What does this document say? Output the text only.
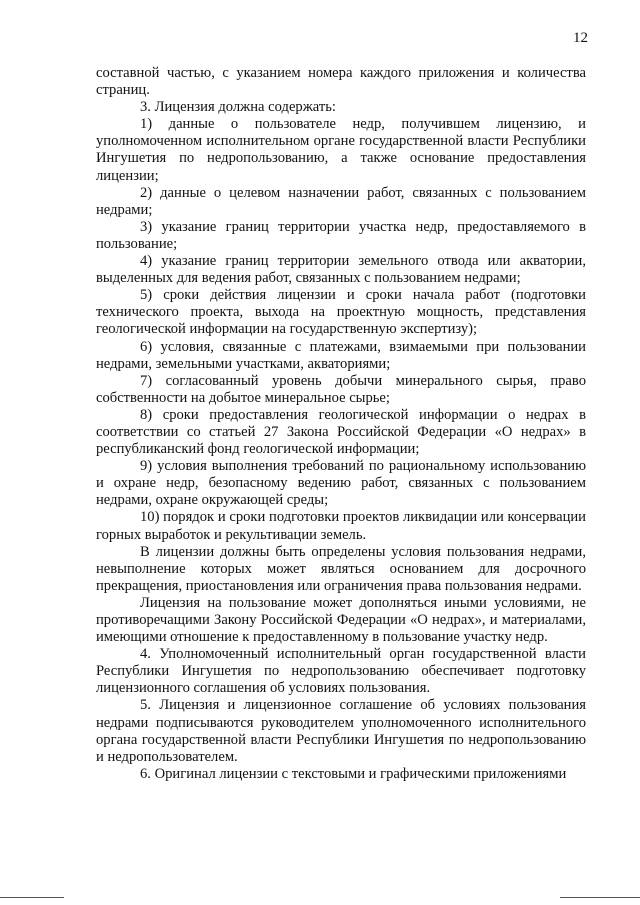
12

составной частью, с указанием номера каждого приложения и количества страниц.

3. Лицензия должна содержать:

1) данные о пользователе недр, получившем лицензию, и уполномоченном исполнительном органе государственной власти Республики Ингушетия по недропользованию, а также основание предоставления лицензии;

2) данные о целевом назначении работ, связанных с пользованием недрами;

3) указание границ территории участка недр, предоставляемого в пользование;

4) указание границ территории земельного отвода или акватории, выделенных для ведения работ, связанных с пользованием недрами;

5) сроки действия лицензии и сроки начала работ (подготовки технического проекта, выхода на проектную мощность, представления геологической информации на государственную экспертизу);

6) условия, связанные с платежами, взимаемыми при пользовании недрами, земельными участками, акваториями;

7) согласованный уровень добычи минерального сырья, право собственности на добытое минеральное сырье;

8) сроки предоставления геологической информации о недрах в соответствии со статьей 27 Закона Российской Федерации «О недрах» в республиканский фонд геологической информации;

9) условия выполнения требований по рациональному использованию и охране недр, безопасному ведению работ, связанных с пользованием недрами, охране окружающей среды;

10) порядок и сроки подготовки проектов ликвидации или консервации горных выработок и рекультивации земель.

В лицензии должны быть определены условия пользования недрами, невыполнение которых может являться основанием для досрочного прекращения, приостановления или ограничения права пользования недрами.

Лицензия на пользование может дополняться иными условиями, не противоречащими Закону Российской Федерации «О недрах», и материалами, имеющими отношение к предоставленному в пользование участку недр.

4. Уполномоченный исполнительный орган государственной власти Республики Ингушетия по недропользованию обеспечивает подготовку лицензионного соглашения об условиях пользования.

5. Лицензия и лицензионное соглашение об условиях пользования недрами подписываются руководителем уполномоченного исполнительного органа государственной власти Республики Ингушетия по недропользованию и недропользователем.

6. Оригинал лицензии с текстовыми и графическими приложениями
